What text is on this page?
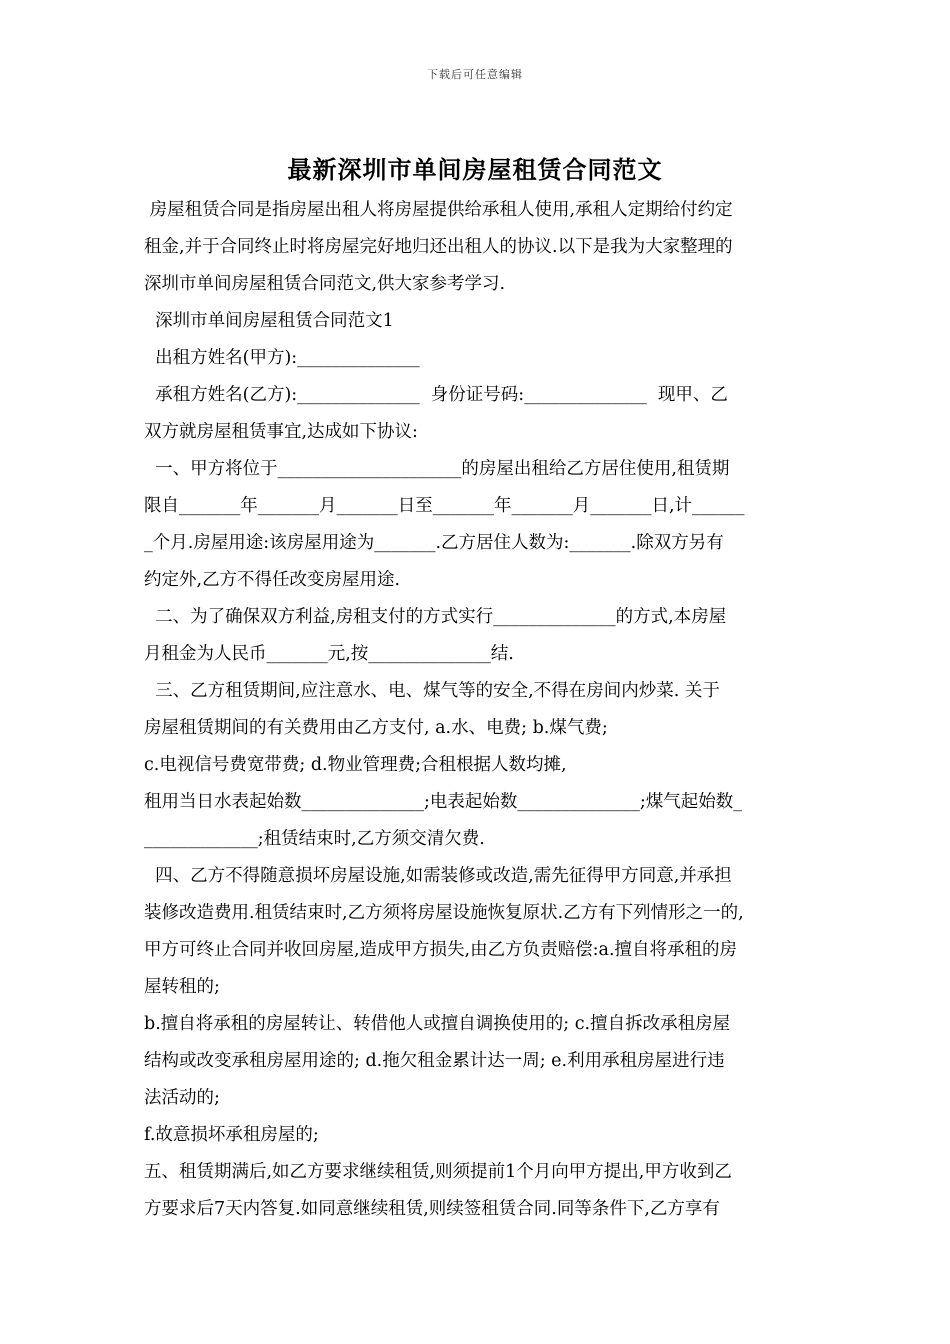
下载后可任意编辑
最新深圳市单间房屋租赁合同范文
房屋租赁合同是指房屋出租人将房屋提供给承租人使用,承租人定期给付约定
租金,并于合同终止时将房屋完好地归还出租人的协议.以下是我为大家整理的
深圳市单间房屋租赁合同范文,供大家参考学习.
深圳市单间房屋租赁合同范文1
出租方姓名(甲方):______________
承租方姓名(乙方):______________  身份证号码:______________  现甲、乙
双方就房屋租赁事宜,达成如下协议:
一、甲方将位于_____________________的房屋出租给乙方居住使用,租赁期
限自_______年_______月_______日至_______年_______月_______日,计______
_个月.房屋用途:该房屋用途为_______.乙方居住人数为:_______.除双方另有
约定外,乙方不得任改变房屋用途.
二、为了确保双方利益,房租支付的方式实行______________的方式,本房屋
月租金为人民币_______元,按______________结.
三、乙方租赁期间,应注意水、电、煤气等的安全,不得在房间内炒菜. 关于
房屋租赁期间的有关费用由乙方支付, a.水、电费; b.煤气费;
c.电视信号费宽带费; d.物业管理费;合租根据人数均摊,
租用当日水表起始数______________;电表起始数______________;煤气起始数_
_____________;租赁结束时,乙方须交清欠费.
四、乙方不得随意损坏房屋设施,如需装修或改造,需先征得甲方同意,并承担
装修改造费用.租赁结束时,乙方须将房屋设施恢复原状.乙方有下列情形之一的,
甲方可终止合同并收回房屋,造成甲方损失,由乙方负责赔偿:a.擅自将承租的房
屋转租的;
b.擅自将承租的房屋转让、转借他人或擅自调换使用的; c.擅自拆改承租房屋
结构或改变承租房屋用途的; d.拖欠租金累计达一周; e.利用承租房屋进行违
法活动的;
f.故意损坏承租房屋的;
五、租赁期满后,如乙方要求继续租赁,则须提前1个月向甲方提出,甲方收到乙
方要求后7天内答复.如同意继续租赁,则续签租赁合同.同等条件下,乙方享有
